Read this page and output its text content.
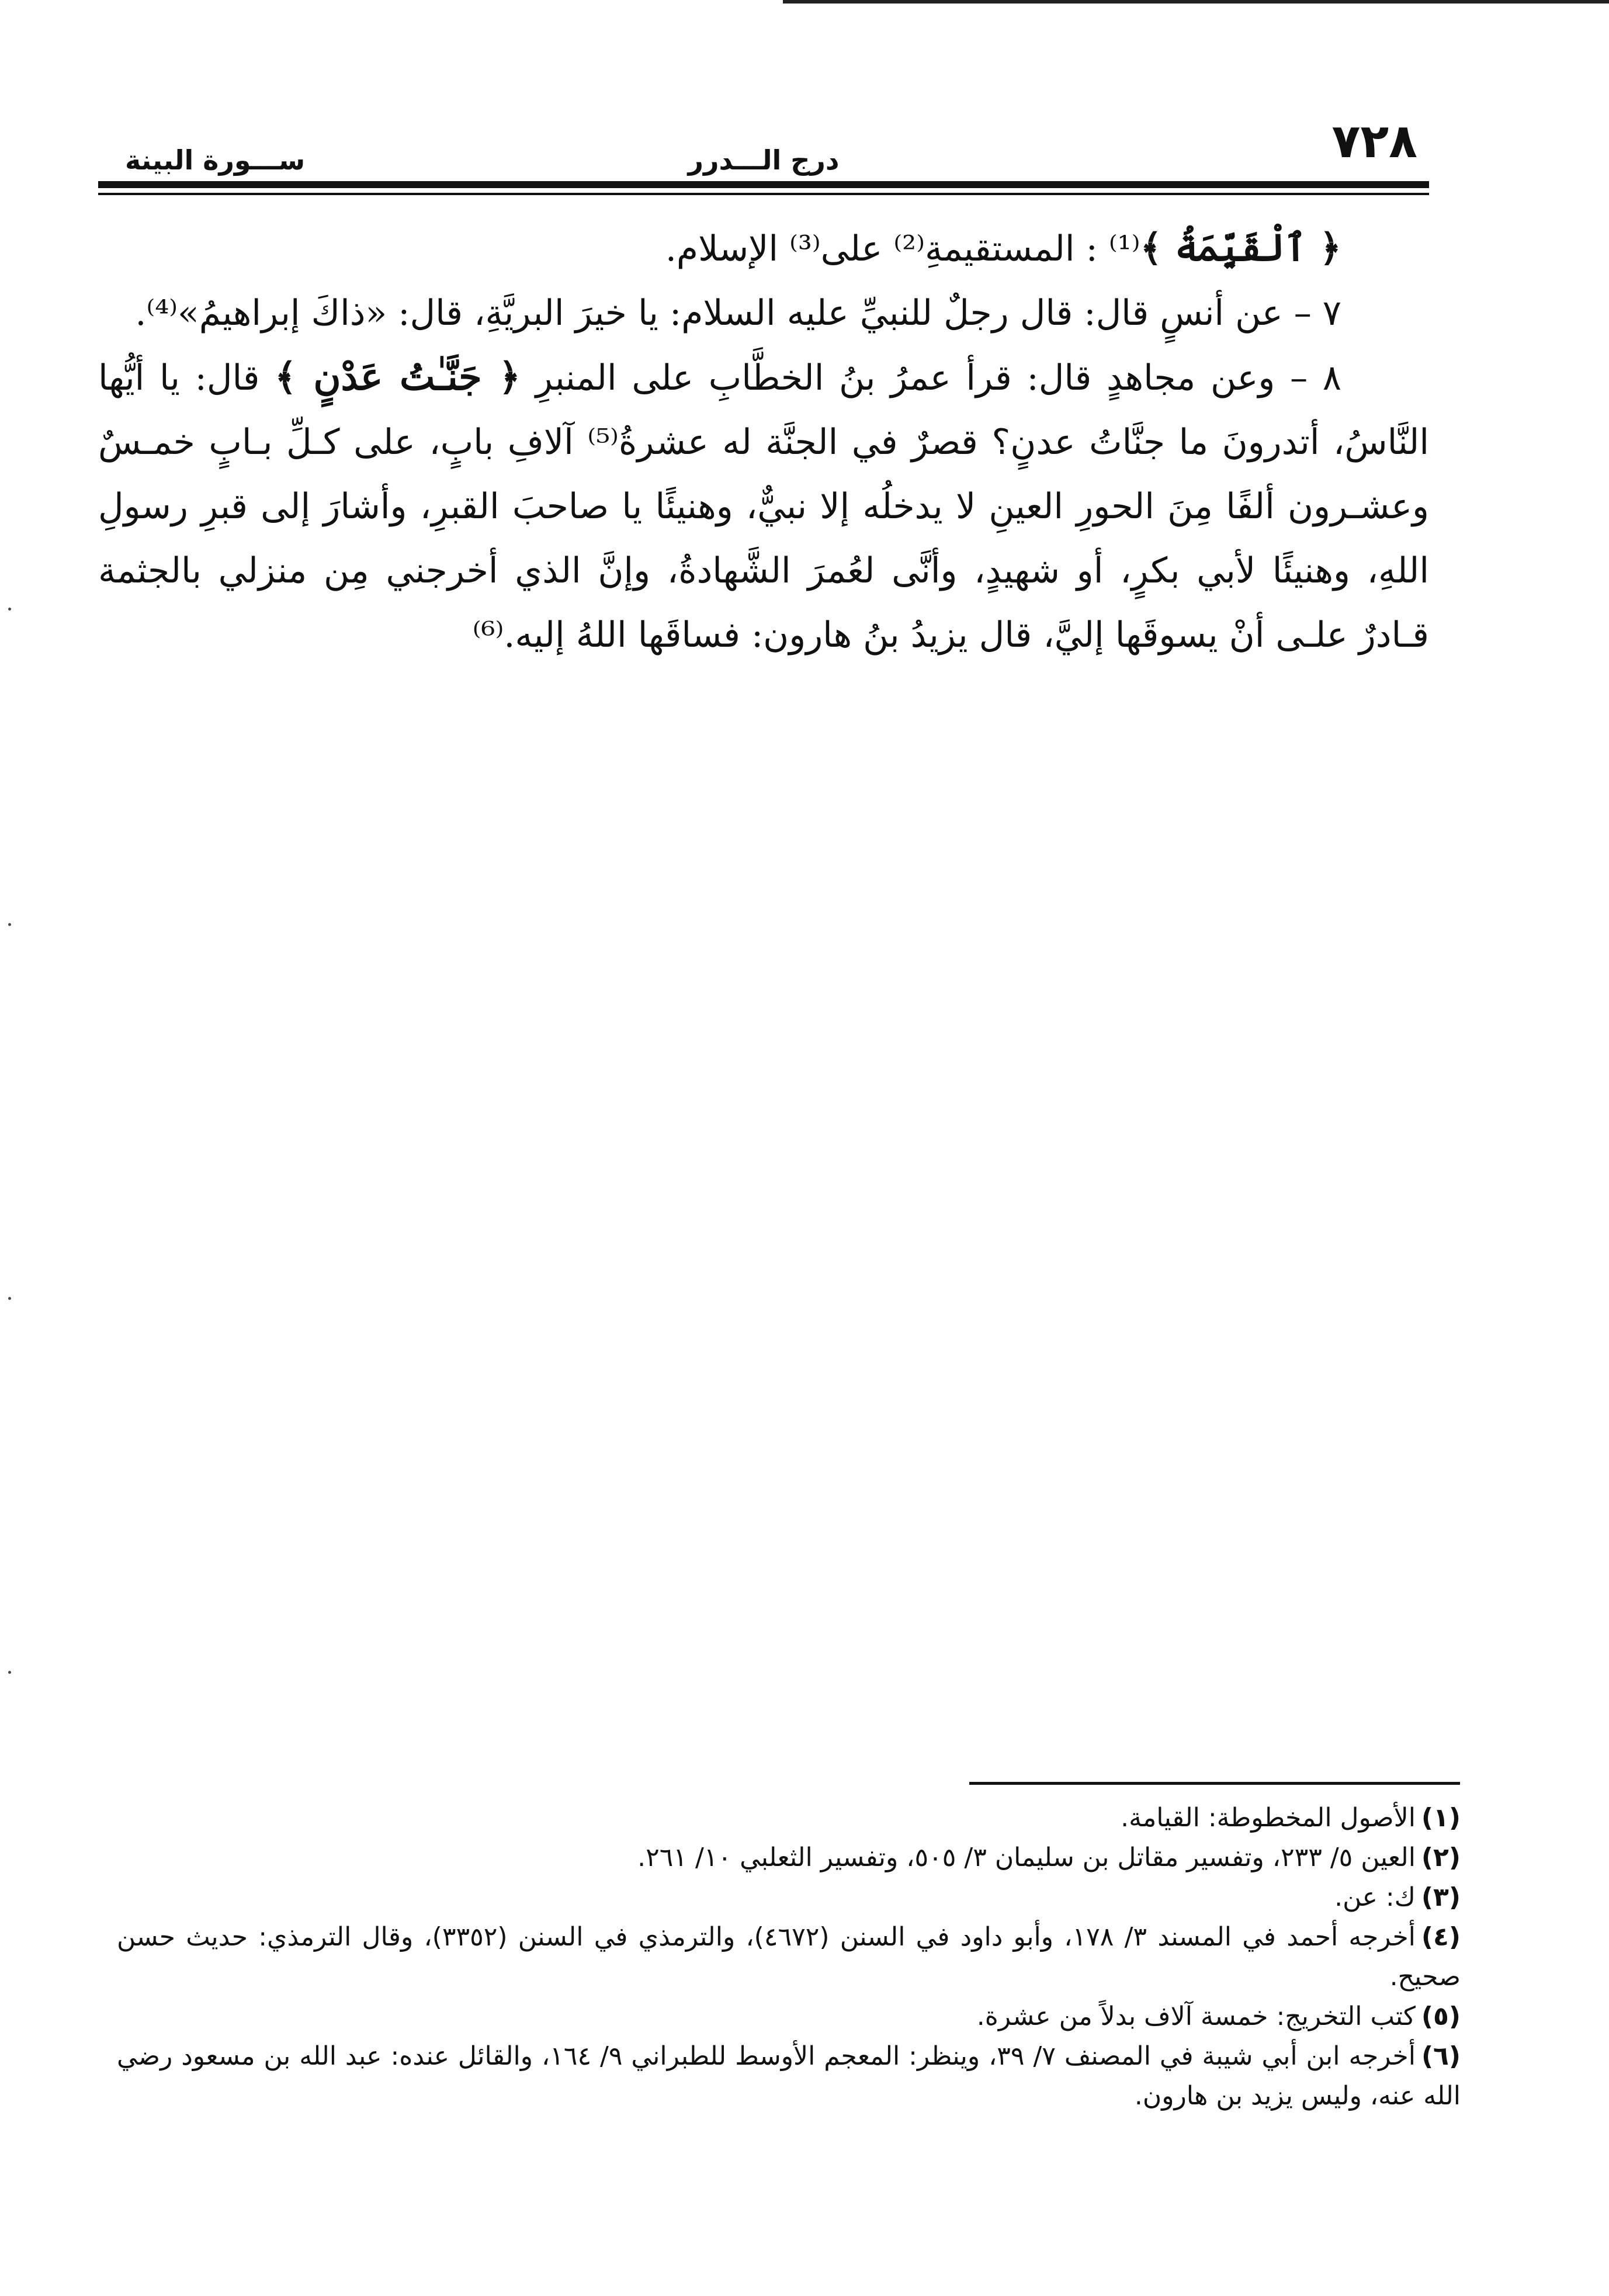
٧٢٨
درج الـــدرر
ســـورة البينة

﴿ ٱلْقَيِّمَةُ ﴾⁽¹⁾ : المستقيمةِ⁽²⁾ على⁽³⁾ الإسلام.

٧ – عن أنسٍ قال: قال رجلٌ للنبيِّ عليه السلام: يا خيرَ البريَّةِ، قال: «ذاكَ إبراهيمُ»⁽⁴⁾.

٨ – وعن مجاهدٍ قال: قرأ عمرُ بنُ الخطَّابِ على المنبرِ ﴿ جَنَّـٰتُ عَدْنٍ ﴾ قال: يا أيُّها النَّاسُ، أتدرونَ ما جنَّاتُ عدنٍ؟ قصرٌ في الجنَّة له عشرةُ⁽⁵⁾ آلافِ بابٍ، على كـلِّ بـابٍ خمـسٌ وعشـرون ألفًا مِنَ الحورِ العينِ لا يدخلُه إلا نبيٌّ، وهنيئًا يا صاحبَ القبرِ، وأشارَ إلى قبرِ رسولِ اللهِ، وهنيئًا لأبي بكرٍ، أو شهيدٍ، وأنَّى لعُمرَ الشَّهادةُ، وإنَّ الذي أخرجني مِن منزلي بالجثمة قـادرٌ علـى أنْ يسوقَها إليَّ، قال يزيدُ بنُ هارون: فساقَها اللهُ إليه.⁽⁶⁾

(١)الأصول المخطوطة: القيامة.

(٢)العين ٥/ ٢٣٣، وتفسير مقاتل بن سليمان ٣/ ٥٠٥، وتفسير الثعلبي ١٠/ ٢٦١.

(٣)ك: عن.

(٤)أخرجه أحمد في المسند ٣/ ١٧٨، وأبو داود في السنن (٤٦٧٢)، والترمذي في السنن (٣٣٥٢)، وقال الترمذي: حديث حسن صحيح.

(٥)كتب التخريج: خمسة آلاف بدلاً من عشرة.

(٦)أخرجه ابن أبي شيبة في المصنف ٧/ ٣٩، وينظر: المعجم الأوسط للطبراني ٩/ ١٦٤، والقائل عنده: عبد الله بن مسعود رضي الله عنه، وليس يزيد بن هارون.
